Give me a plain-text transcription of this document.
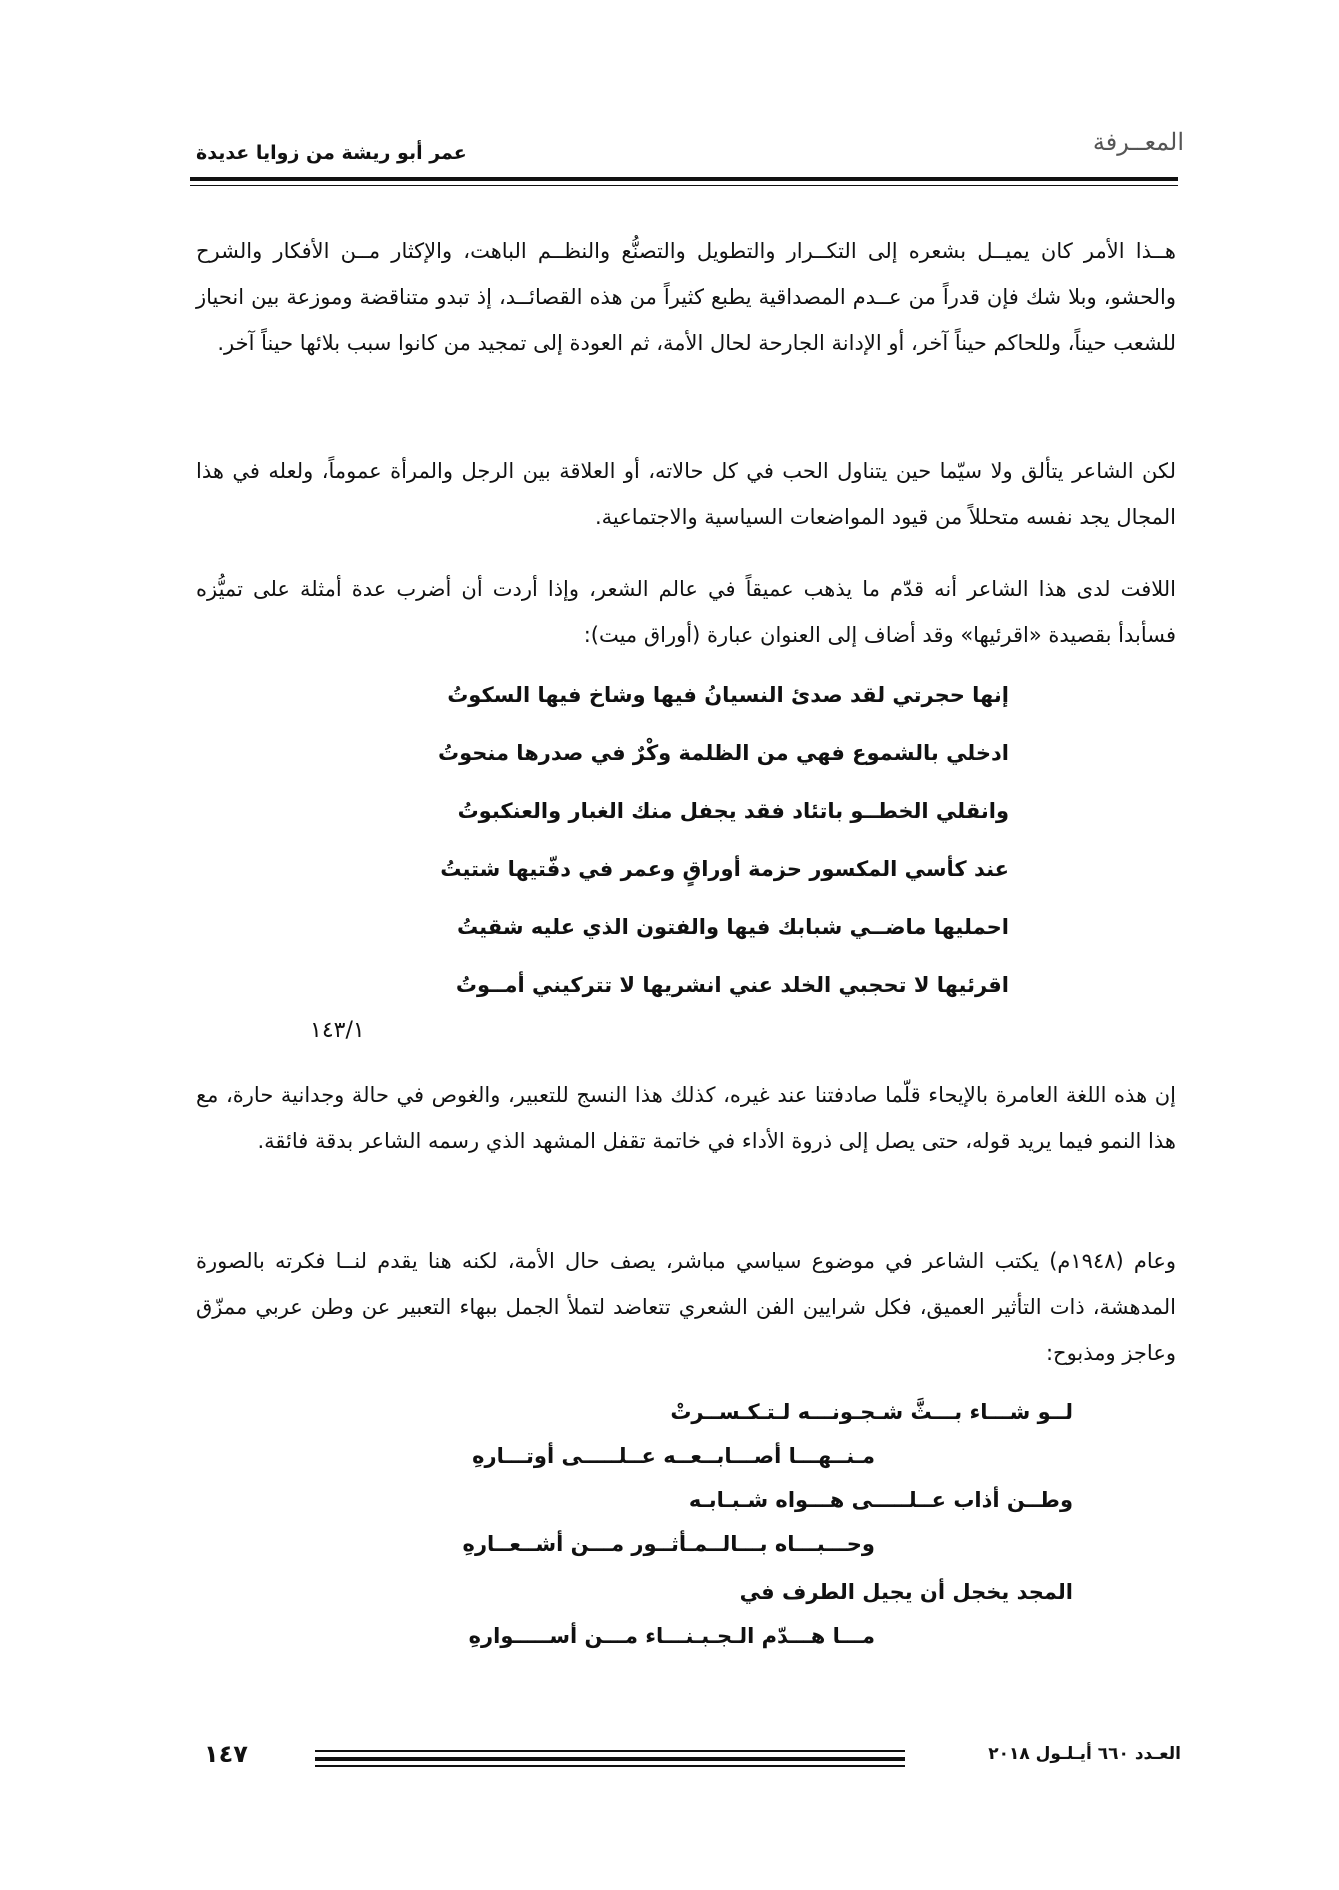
المعــرفة
عمر أبو ريشة من زوايا عديدة

هــذا الأمر كان يميــل بشعره إلى التكــرار والتطويل والتصنُّع والنظــم الباهت، والإكثار مــن الأفكار والشرح والحشو، وبلا شك فإن قدراً من عــدم المصداقية يطبع كثيراً من هذه القصائــد، إذ تبدو متناقضة وموزعة بين انحياز للشعب حيناً، وللحاكم حيناً آخر، أو الإدانة الجارحة لحال الأمة، ثم العودة إلى تمجيد من كانوا سبب بلائها حيناً آخر.

لكن الشاعر يتألق ولا سيّما حين يتناول الحب في كل حالاته، أو العلاقة بين الرجل والمرأة عموماً، ولعله في هذا المجال يجد نفسه متحللاً من قيود المواضعات السياسية والاجتماعية.

اللافت لدى هذا الشاعر أنه قدّم ما يذهب عميقاً في عالم الشعر، وإذا أردت أن أضرب عدة أمثلة على تميُّزه فسأبدأ بقصيدة «اقرئيها» وقد أضاف إلى العنوان عبارة (أوراق ميت):

إنها حجرتي لقد صدئ النسيانُ فيها وشاخ فيها السكوتُ
ادخلي بالشموع فهي من الظلمة وكْرٌ في صدرها منحوتُ
وانقلي الخطــو باتئاد فقد يجفل منك الغبار والعنكبوتُ
عند كأسي المكسور حزمة أوراقٍ وعمر في دفّتيها شتيتُ
احمليها ماضــي شبابك فيها والفتون الذي عليه شقيتُ
اقرئيها لا تحجبي الخلد عني انشريها لا تتركيني أمــوتُ
١٤٣/١

إن هذه اللغة العامرة بالإيحاء قلّما صادفتنا عند غيره، كذلك هذا النسج للتعبير، والغوص في حالة وجدانية حارة، مع هذا النمو فيما يريد قوله، حتى يصل إلى ذروة الأداء في خاتمة تقفل المشهد الذي رسمه الشاعر بدقة فائقة.

وعام (١٩٤٨م) يكتب الشاعر في موضوع سياسي مباشر، يصف حال الأمة، لكنه هنا يقدم لنــا فكرته بالصورة المدهشة، ذات التأثير العميق، فكل شرايين الفن الشعري تتعاضد لتملأ الجمل ببهاء التعبير عن وطن عربي ممزّق وعاجز ومذبوح:

لــو شـــاء بـــثَّ شـجـونـــه لـتـكـســرتْ
مـنــهـــا أصـــابــعــه عــلـــــى أوتـــارهِ
وطــن أذاب عــلـــــى هـــواه شـبـابـه
وحـــبـــاه بـــالــمـأثــور مـــن أشــعــارهِ
المجد يخجل أن يجيل الطرف في
مـــا هـــدّم الـجـبـنـــاء مـــن أســـــوارهِ
١٤٧	العـدد ٦٦٠ أيـلـول ٢٠١٨
